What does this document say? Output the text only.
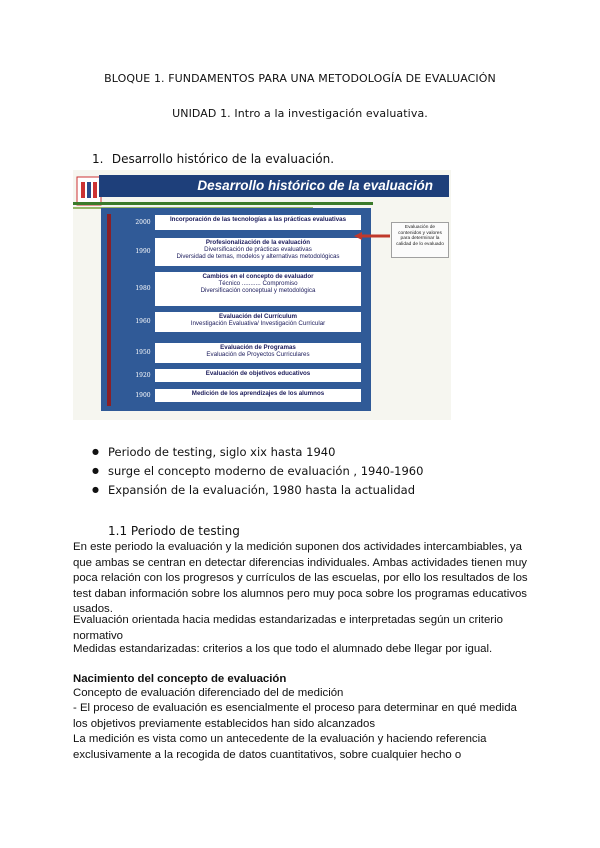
BLOQUE 1. FUNDAMENTOS PARA UNA METODOLOGÍA DE EVALUACIÓN
UNIDAD 1. Intro a la investigación evaluativa.
1. Desarrollo histórico de la evaluación.
Desarrollo histórico de la evaluación
2000	Incorporación de las tecnologías a las prácticas evaluativas
1990
Profesionalización de la evaluación
Diversificación de prácticas evaluativas
Diversidad de temas, modelos y alternativas metodológicas
1980
Cambios en el concepto de evaluador
Técnico ........... Compromiso
Diversificación conceptual y metodológica
1960
Evaluación del Currículum
Investigación Evaluativa/ Investigación Curricular
1950
Evaluación de Programas
Evaluación de Proyectos Curriculares
1920	Evaluación de objetivos educativos
1900	Medición de los aprendizajes de los alumnos
Evaluación de contenidos y valores para determinar la calidad de lo evaluado
● Periodo de testing, siglo xix hasta 1940
● surge el concepto moderno de evaluación , 1940-1960
● Expansión de la evaluación, 1980 hasta la actualidad
1.1 Periodo de testing
En este periodo la evaluación y la medición suponen dos actividades intercambiables, ya que ambas se centran en detectar diferencias individuales. Ambas actividades tienen muy poca relación con los progresos y currículos de las escuelas, por ello los resultados de los test daban información sobre los alumnos pero muy poca sobre los programas educativos usados.
Evaluación orientada hacia medidas estandarizadas e interpretadas según un criterio normativo
Medidas estandarizadas: criterios a los que todo el alumnado debe llegar por igual.
Nacimiento del concepto de evaluación
Concepto de evaluación diferenciado del de medición
- El proceso de evaluación es esencialmente el proceso para determinar en qué medida los objetivos previamente establecidos han sido alcanzados
La medición es vista como un antecedente de la evaluación y haciendo referencia exclusivamente a la recogida de datos cuantitativos, sobre cualquier hecho o
